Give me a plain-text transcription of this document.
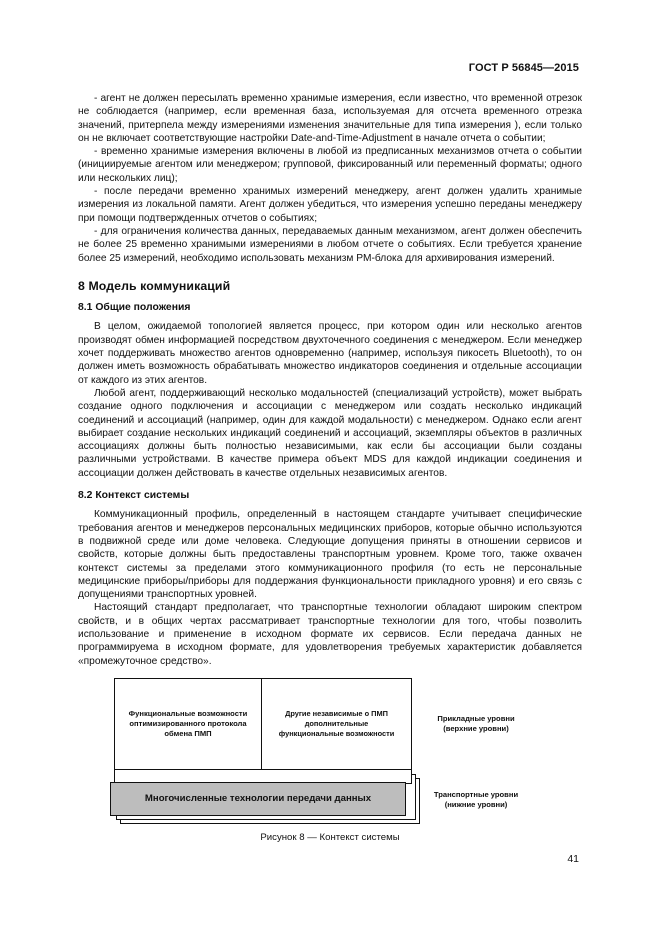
ГОСТ Р 56845—2015

- агент не должен пересылать временно хранимые измерения, если известно, что временной отрезок не соблюдается (например, если временная база, используемая для отсчета временного отрезка значений, притерпела между измерениями изменения значительные для типа измерения ), если только он не включает соответствующие настройки Date-and-Time-Adjustment в начале отчета о событии;

- временно хранимые измерения включены в любой из предписанных механизмов отчета о событии (инициируемые агентом или менеджером; групповой, фиксированный или переменный форматы; одного или нескольких лиц);

- после передачи временно хранимых измерений менеджеру, агент должен удалить хранимые измерения из локальной памяти. Агент должен убедиться, что измерения успешно переданы менеджеру при помощи подтвержденных отчетов о событиях;

- для ограничения количества данных, передаваемых данным механизмом, агент должен обеспечить не более 25 временно хранимыми измерениями в любом отчете о событиях. Если требуется хранение более 25 измерений, необходимо использовать механизм PM-блока для архивирования измерений.

8 Модель коммуникаций
8.1 Общие положения

В целом, ожидаемой топологией является процесс, при котором один или несколько агентов производят обмен информацией посредством двухточечного соединения с менеджером. Если менеджер хочет поддерживать множество агентов одновременно (например, используя пикосеть Bluetooth), то он должен иметь возможность обрабатывать множество индикаторов соединения и отдельные ассоциации от каждого из этих агентов.

Любой агент, поддерживающий несколько модальностей (специализаций устройств), может выбрать создание одного подключения и ассоциации с менеджером или создать несколько индикаций соединений и ассоциаций (например, один для каждой модальности) с менеджером. Однако если агент выбирает создание нескольких индикаций соединений и ассоциаций, экземпляры объектов в различных ассоциациях должны быть полностью независимыми, как если бы ассоциации были созданы различными устройствами. В качестве примера объект MDS для каждой индикации соединения и ассоциации должен действовать в качестве отдельных независимых агентов.

8.2 Контекст системы

Коммуникационный профиль, определенный в настоящем стандарте учитывает специфические требования агентов и менеджеров персональных медицинских приборов, которые обычно используются в подвижной среде или доме человека. Следующие допущения приняты в отношении сервисов и свойств, которые должны быть предоставлены транспортным уровнем. Кроме того, также охвачен контекст системы за пределами этого коммуникационного профиля (то есть не персональные медицинские приборы/приборы для поддержания функциональности прикладного уровня) и его связь с допущениями транспортных уровней.

Настоящий стандарт предполагает, что транспортные технологии обладают широким спектром свойств, и в общих чертах рассматривает транспортные технологии для того, чтобы позволить использование и применение в исходном формате их сервисов. Если передача данных не программируема в исходном формате, для удовлетворения требуемых характеристик добавляется «промежуточное средство».

Функциональные возможности оптимизированного протокола обмена ПМП
Другие независимые о ПМП дополнительные функциональные возможности
Многочисленные технологии передачи данных
Прикладные уровни (верхние уровни)
Транспортные уровни (нижние уровни)
Рисунок 8 — Контекст системы
41
